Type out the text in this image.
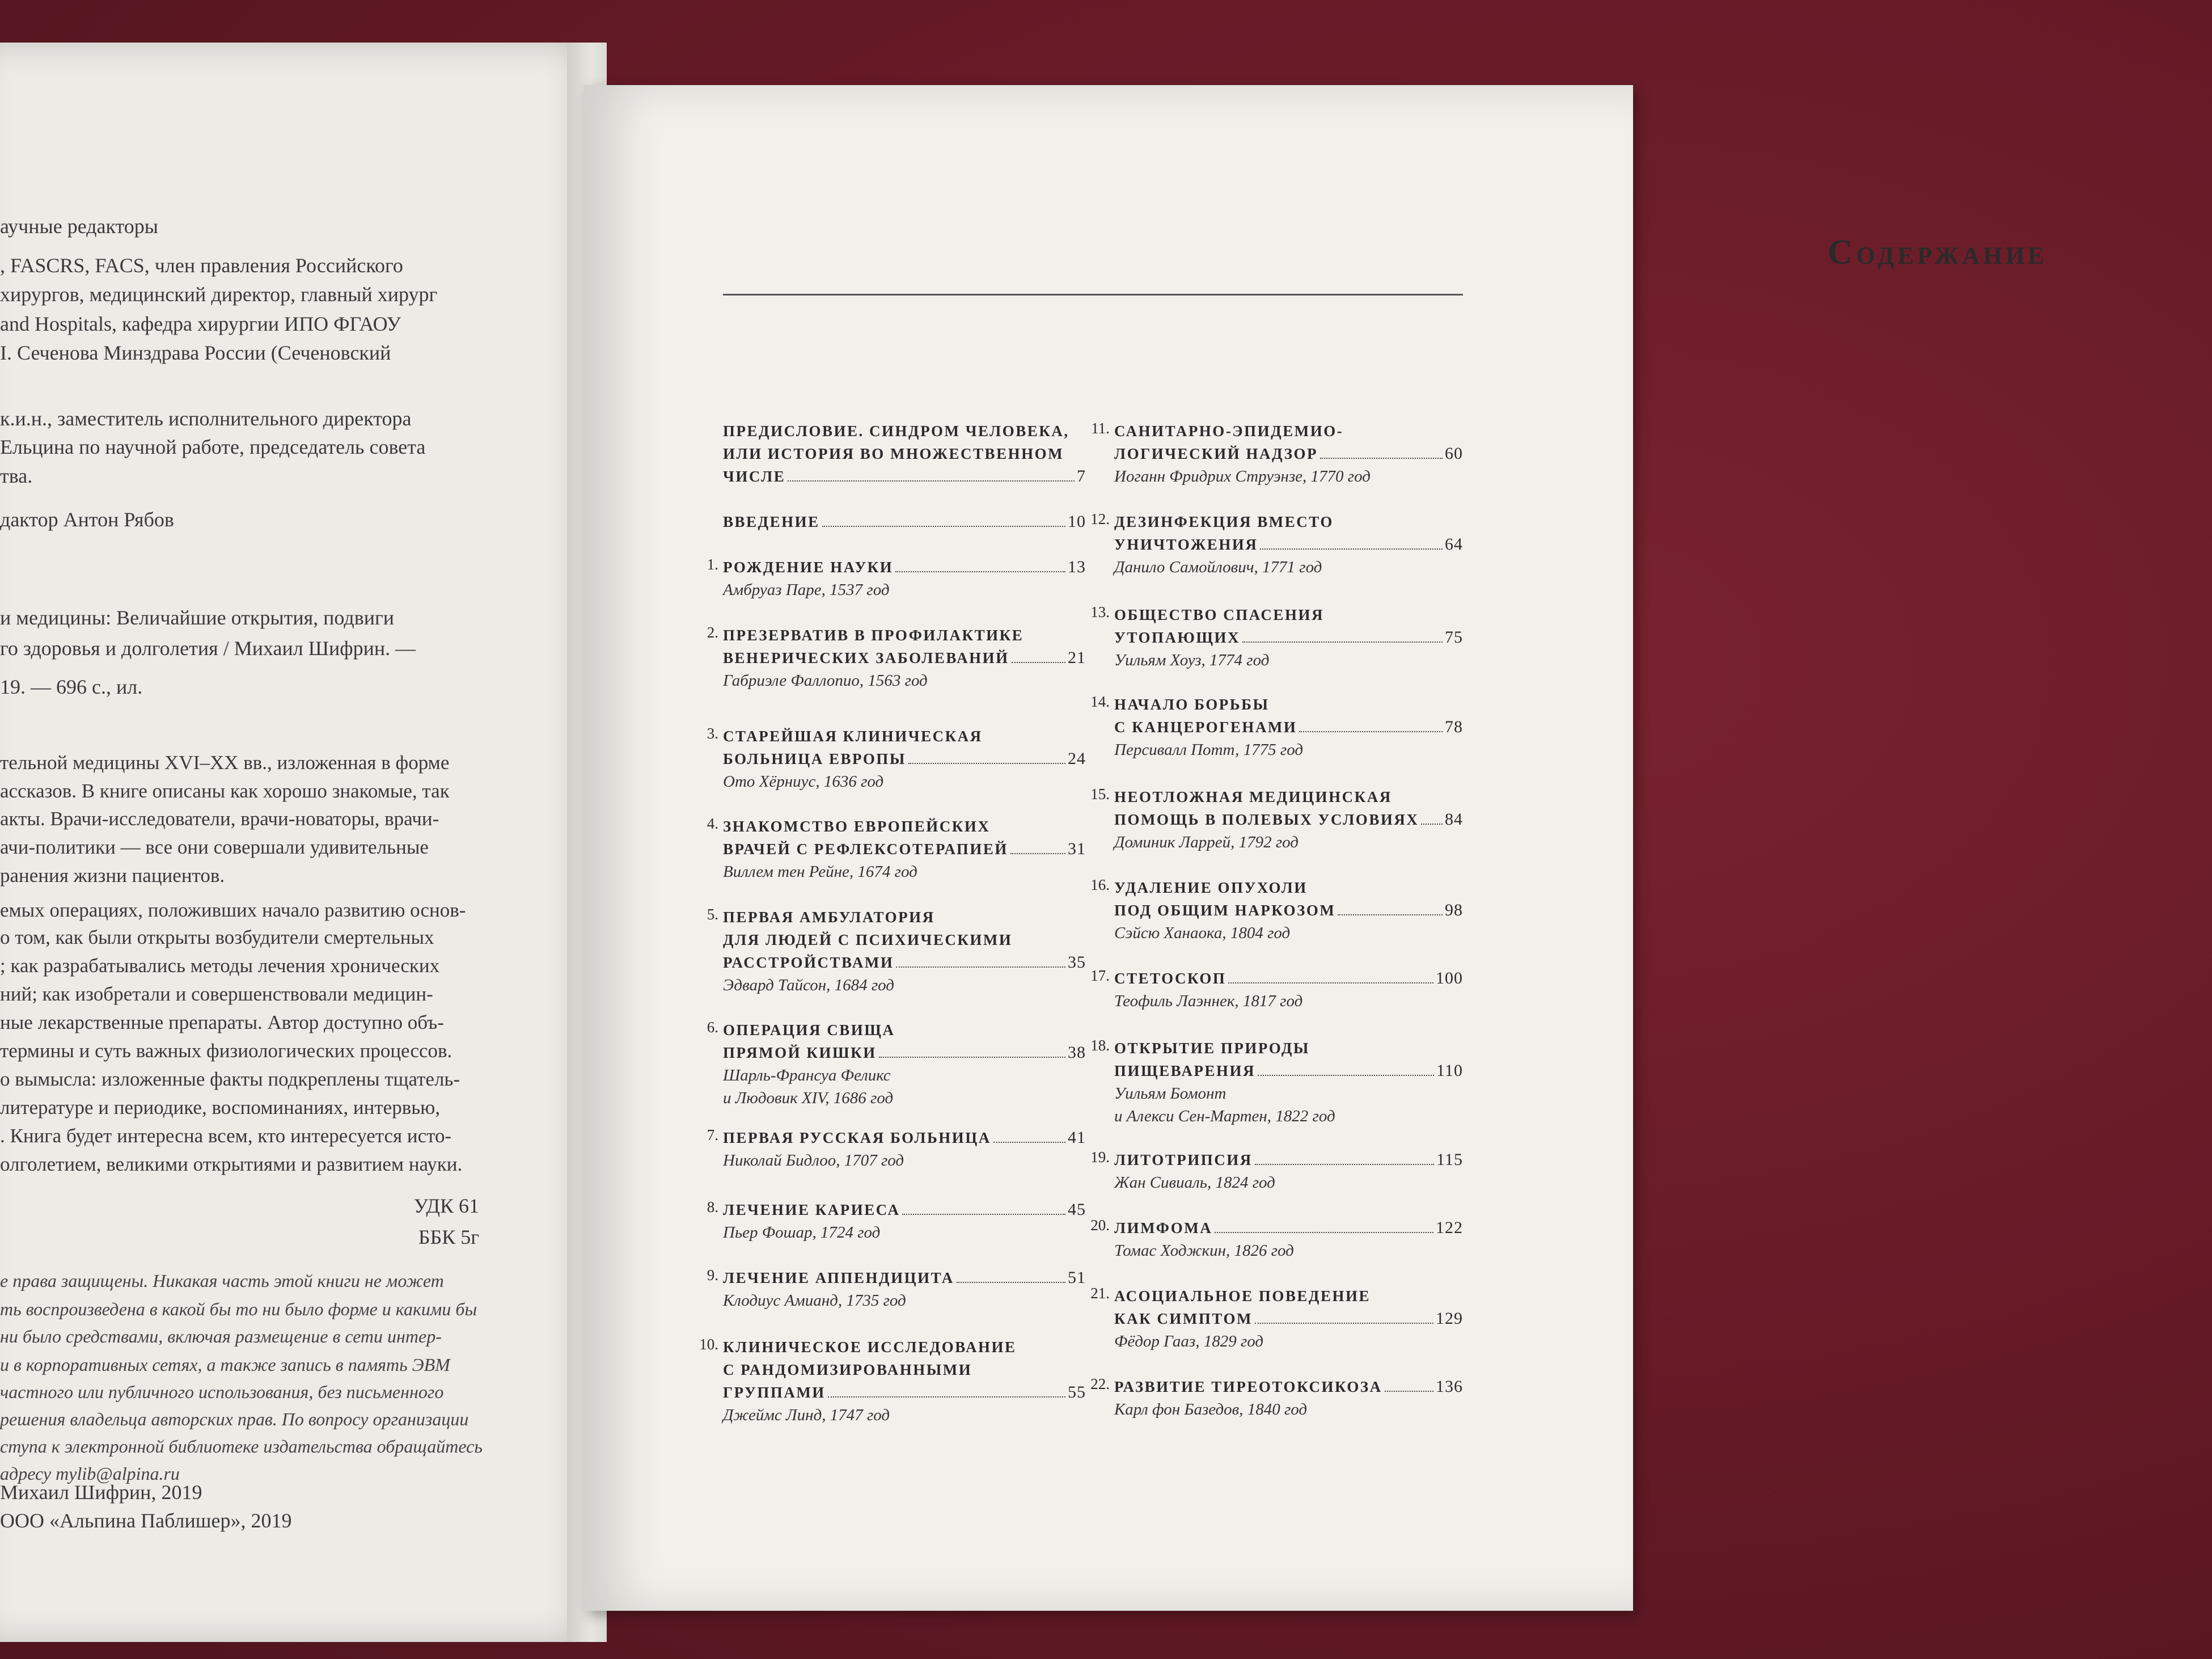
аучные редакторы
, FASCRS, FACS, член правления Российского
хирургов, медицинский директор, главный хирург
and Hospitals, кафедра хирургии ИПО ФГАОУ
I. Сеченова Минздрава России (Сеченовский
к.и.н., заместитель исполнительного директора
Ельцина по научной работе, председатель совета
тва.
дактор Антон Рябов
и медицины: Величайшие открытия, подвиги
го здоровья и долголетия / Михаил Шифрин. —
19. — 696 с., ил.
тельной медицины XVI–XX вв., изложенная в форме
ассказов. В книге описаны как хорошо знакомые, так
акты. Врачи-исследователи, врачи-новаторы, врачи-
ачи-политики — все они совершали удивительные
ранения жизни пациентов.
емых операциях, положивших начало развитию основ-
о том, как были открыты возбудители смертельных
; как разрабатывались методы лечения хронических
ний; как изобретали и совершенствовали медицин-
ные лекарственные препараты. Автор доступно объ-
термины и суть важных физиологических процессов.
о вымысла: изложенные факты подкреплены тщатель-
литературе и периодике, воспоминаниях, интервью,
. Книга будет интересна всем, кто интересуется исто-
олголетием, великими открытиями и развитием науки.
УДК 61
ББК 5г
е права защищены. Никакая часть этой книги не может
ть воспроизведена в какой бы то ни было форме и какими бы
ни было средствами, включая размещение в сети интер-
и в корпоративных сетях, а также запись в память ЭВМ
частного или публичного использования, без письменного
решения владельца авторских прав. По вопросу организации
ступа к электронной библиотеке издательства обращайтесь
адресу mylib@alpina.ru
Михаил Шифрин, 2019
ООО «Альпина Паблишер», 2019
Содержание
ПРЕДИСЛОВИЕ. СИНДРОМ ЧЕЛОВЕКА,
ИЛИ ИСТОРИЯ ВО МНОЖЕСТВЕННОМ
ЧИСЛЕ	7
ВВЕДЕНИЕ	10
1. РОЖДЕНИЕ НАУКИ	13
Амбруаз Паре, 1537 год
2. ПРЕЗЕРВАТИВ В ПРОФИЛАКТИКЕ
ВЕНЕРИЧЕСКИХ ЗАБОЛЕВАНИЙ	21
Габриэле Фаллопио, 1563 год
3. СТАРЕЙШАЯ КЛИНИЧЕСКАЯ
БОЛЬНИЦА ЕВРОПЫ	24
Ото Хёрниус, 1636 год
4. ЗНАКОМСТВО ЕВРОПЕЙСКИХ
ВРАЧЕЙ С РЕФЛЕКСОТЕРАПИЕЙ	31
Виллем тен Рейне, 1674 год
5. ПЕРВАЯ АМБУЛАТОРИЯ
ДЛЯ ЛЮДЕЙ С ПСИХИЧЕСКИМИ
РАССТРОЙСТВАМИ	35
Эдвард Тайсон, 1684 год
6. ОПЕРАЦИЯ СВИЩА
ПРЯМОЙ КИШКИ	38
Шарль-Франсуа Феликс
и Людовик XIV, 1686 год
7. ПЕРВАЯ РУССКАЯ БОЛЬНИЦА	41
Николай Бидлоо, 1707 год
8. ЛЕЧЕНИЕ КАРИЕСА	45
Пьер Фошар, 1724 год
9. ЛЕЧЕНИЕ АППЕНДИЦИТА	51
Клодиус Амианд, 1735 год
10. КЛИНИЧЕСКОЕ ИССЛЕДОВАНИЕ
С РАНДОМИЗИРОВАННЫМИ
ГРУППАМИ	55
Джеймс Линд, 1747 год
11. САНИТАРНО-ЭПИДЕМИО-
ЛОГИЧЕСКИЙ НАДЗОР	60
Иоганн Фридрих Струэнзе, 1770 год
12. ДЕЗИНФЕКЦИЯ ВМЕСТО
УНИЧТОЖЕНИЯ	64
Данило Самойлович, 1771 год
13. ОБЩЕСТВО СПАСЕНИЯ
УТОПАЮЩИХ	75
Уильям Хоуз, 1774 год
14. НАЧАЛО БОРЬБЫ
С КАНЦЕРОГЕНАМИ	78
Персивалл Потт, 1775 год
15. НЕОТЛОЖНАЯ МЕДИЦИНСКАЯ
ПОМОЩЬ В ПОЛЕВЫХ УСЛОВИЯХ 84
Доминик Ларрей, 1792 год
16. УДАЛЕНИЕ ОПУХОЛИ
ПОД ОБЩИМ НАРКОЗОМ	98
Сэйсю Ханаока, 1804 год
17. СТЕТОСКОП	100
Теофиль Лаэннек, 1817 год
18. ОТКРЫТИЕ ПРИРОДЫ
ПИЩЕВАРЕНИЯ	110
Уильям Бомонт
и Алекси Сен-Мартен, 1822 год
19. ЛИТОТРИПСИЯ	115
Жан Сивиаль, 1824 год
20. ЛИМФОМА	122
Томас Ходжкин, 1826 год
21. АСОЦИАЛЬНОЕ ПОВЕДЕНИЕ
КАК СИМПТОМ	129
Фёдор Гааз, 1829 год
22. РАЗВИТИЕ ТИРЕОТОКСИКОЗА	136
Карл фон Базедов, 1840 год
